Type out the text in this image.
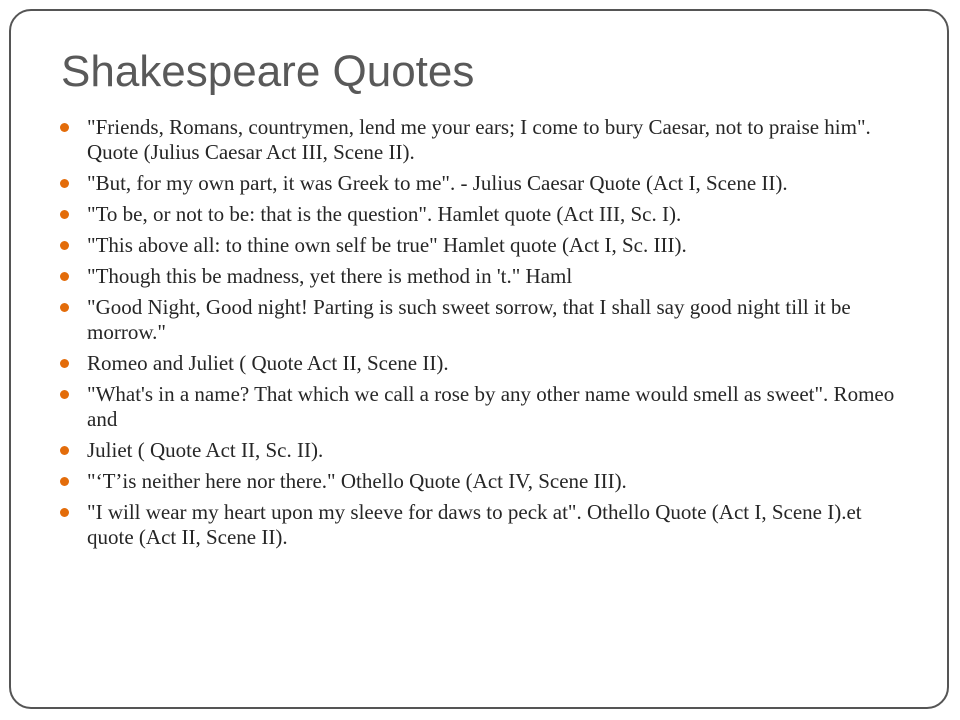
Shakespeare Quotes
"Friends, Romans, countrymen, lend me your ears; I come to bury Caesar, not to praise him". Quote (Julius Caesar Act III, Scene II).
"But, for my own part, it was Greek to me". - Julius Caesar Quote (Act I, Scene II).
"To be, or not to be: that is the question". Hamlet quote (Act III, Sc. I).
"This above all: to thine own self be true" Hamlet quote (Act I, Sc. III).
"Though this be madness, yet there is method in 't." Haml
"Good Night, Good night! Parting is such sweet sorrow, that I shall say good night till it be morrow."
Romeo and Juliet ( Quote Act II, Scene II).
"What's in a name? That which we call a rose by any other name would smell as sweet". Romeo and
Juliet ( Quote Act II, Sc. II).
"‘T’is neither here nor there." Othello Quote (Act IV, Scene III).
"I will wear my heart upon my sleeve for daws to peck at". Othello Quote (Act I, Scene I).et quote (Act II, Scene II).
